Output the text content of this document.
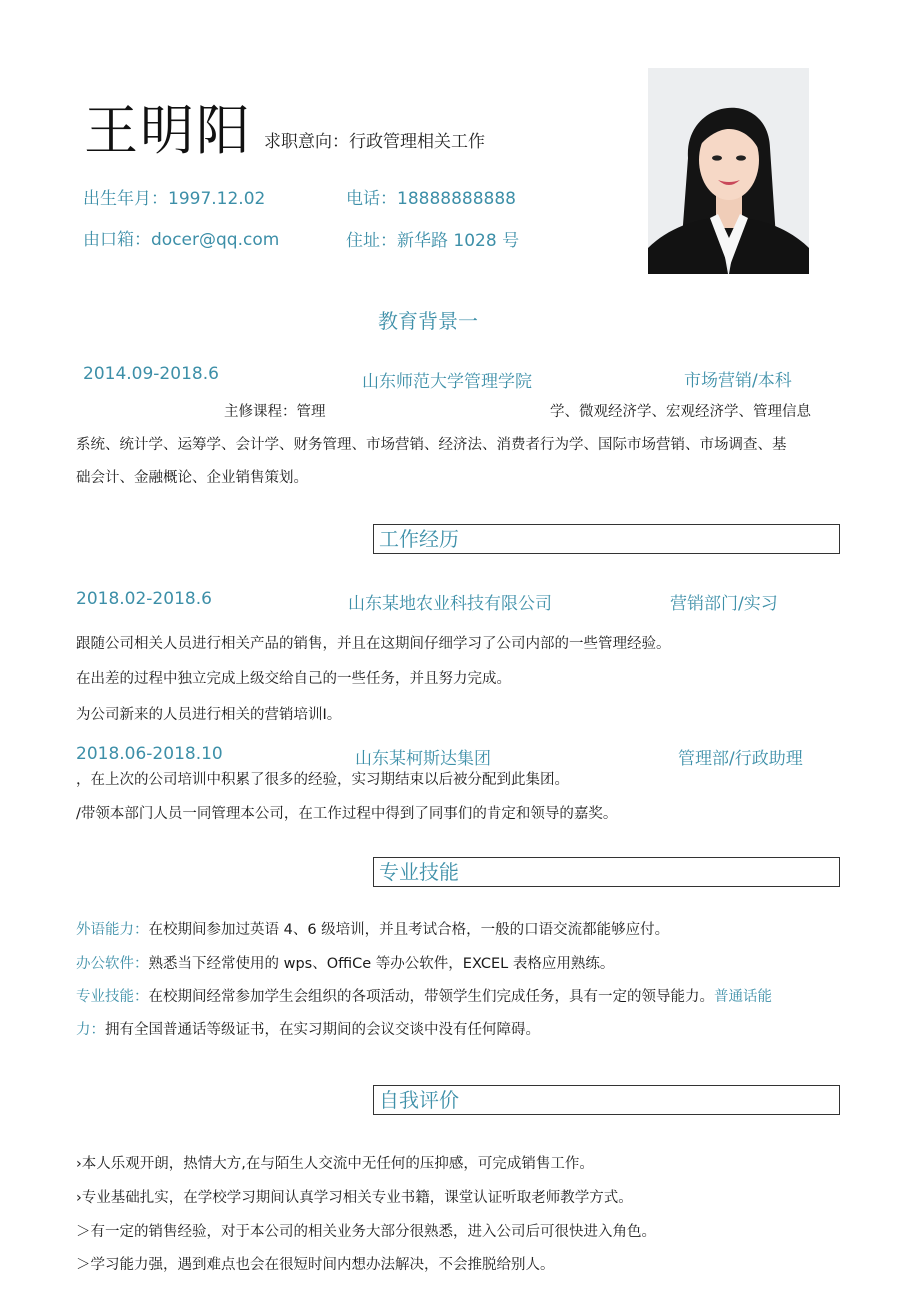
王明阳 求职意向：行政管理相关工作
出生年月：1997.12.02	电话：18888888888
由口箱：docer@qq.com	住址：新华路 1028 号
教育背景一
2014.09-2018.6	山东师范大学管理学院	市场营销/本科
主修课程：管理	学、微观经济学、宏观经济学、管理信息
系统、统计学、运筹学、会计学、财务管理、市场营销、经济法、消费者行为学、国际市场营销、市场调查、基
础会计、金融概论、企业销售策划。
工作经历
2018.02-2018.6	山东某地农业科技有限公司	营销部门/实习
跟随公司相关人员进行相关产品的销售，并且在这期间仔细学习了公司内部的一些管理经验。
在出差的过程中独立完成上级交给自己的一些任务，并且努力完成。
为公司新来的人员进行相关的营销培训Ⅰ。
2018.06-2018.10	山东某柯斯达集团	管理部/行政助理
，在上次的公司培训中积累了很多的经验，实习期结束以后被分配到此集团。
/带领本部门人员一同管理本公司，在工作过程中得到了同事们的肯定和领导的嘉奖。
专业技能
外语能力：在校期间参加过英语 4、6 级培训，并且考试合格，一般的口语交流都能够应付。
办公软件：熟悉当下经常使用的 wps、OffiCe 等办公软件，EXCEL 表格应用熟练。
专业技能：在校期间经常参加学生会组织的各项活动，带领学生们完成任务，具有一定的领导能力。普通话能
力：拥有全国普通话等级证书，在实习期间的会议交谈中没有任何障碍。
自我评价
›本人乐观开朗，热情大方,在与陌生人交流中无任何的压抑感，可完成销售工作。
›专业基础扎实，在学校学习期间认真学习相关专业书籍，课堂认证听取老师教学方式。
＞有一定的销售经验，对于本公司的相关业务大部分很熟悉，进入公司后可很快进入角色。
＞学习能力强，遇到难点也会在很短时间内想办法解决，不会推脱给别人。
